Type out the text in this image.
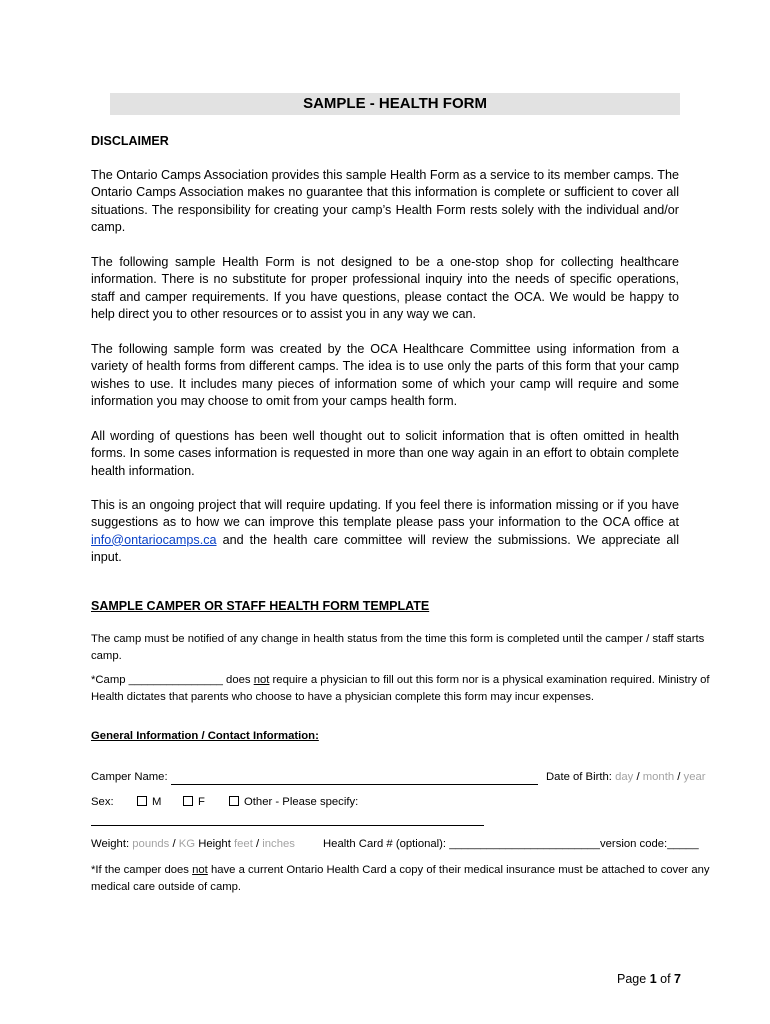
SAMPLE - HEALTH FORM
DISCLAIMER
The Ontario Camps Association provides this sample Health Form as a service to its member camps. The Ontario Camps Association makes no guarantee that this information is complete or sufficient to cover all situations. The responsibility for creating your camp’s Health Form rests solely with the individual and/or camp.
The following sample Health Form is not designed to be a one-stop shop for collecting healthcare information. There is no substitute for proper professional inquiry into the needs of specific operations, staff and camper requirements. If you have questions, please contact the OCA. We would be happy to help direct you to other resources or to assist you in any way we can.
The following sample form was created by the OCA Healthcare Committee using information from a variety of health forms from different camps. The idea is to use only the parts of this form that your camp wishes to use. It includes many pieces of information some of which your camp will require and some information you may choose to omit from your camps health form.
All wording of questions has been well thought out to solicit information that is often omitted in health forms. In some cases information is requested in more than one way again in an effort to obtain complete health information.
This is an ongoing project that will require updating. If you feel there is information missing or if you have suggestions as to how we can improve this template please pass your information to the OCA office at info@ontariocamps.ca and the health care committee will review the submissions. We appreciate all input.
SAMPLE CAMPER OR STAFF HEALTH FORM TEMPLATE
The camp must be notified of any change in health status from the time this form is completed until the camper / staff starts camp.
*Camp _______________ does not require a physician to fill out this form nor is a physical examination required. Ministry of Health dictates that parents who choose to have a physician complete this form may incur expenses.
General Information / Contact Information:
Camper Name:	Date of Birth: day / month / year
Sex:	M	F	Other - Please specify:
Weight: pounds / KG Height feet / inches Health Card # (optional): ________________________version code:_____
*If the camper does not have a current Ontario Health Card a copy of their medical insurance must be attached to cover any medical care outside of camp.
Page 1 of 7
